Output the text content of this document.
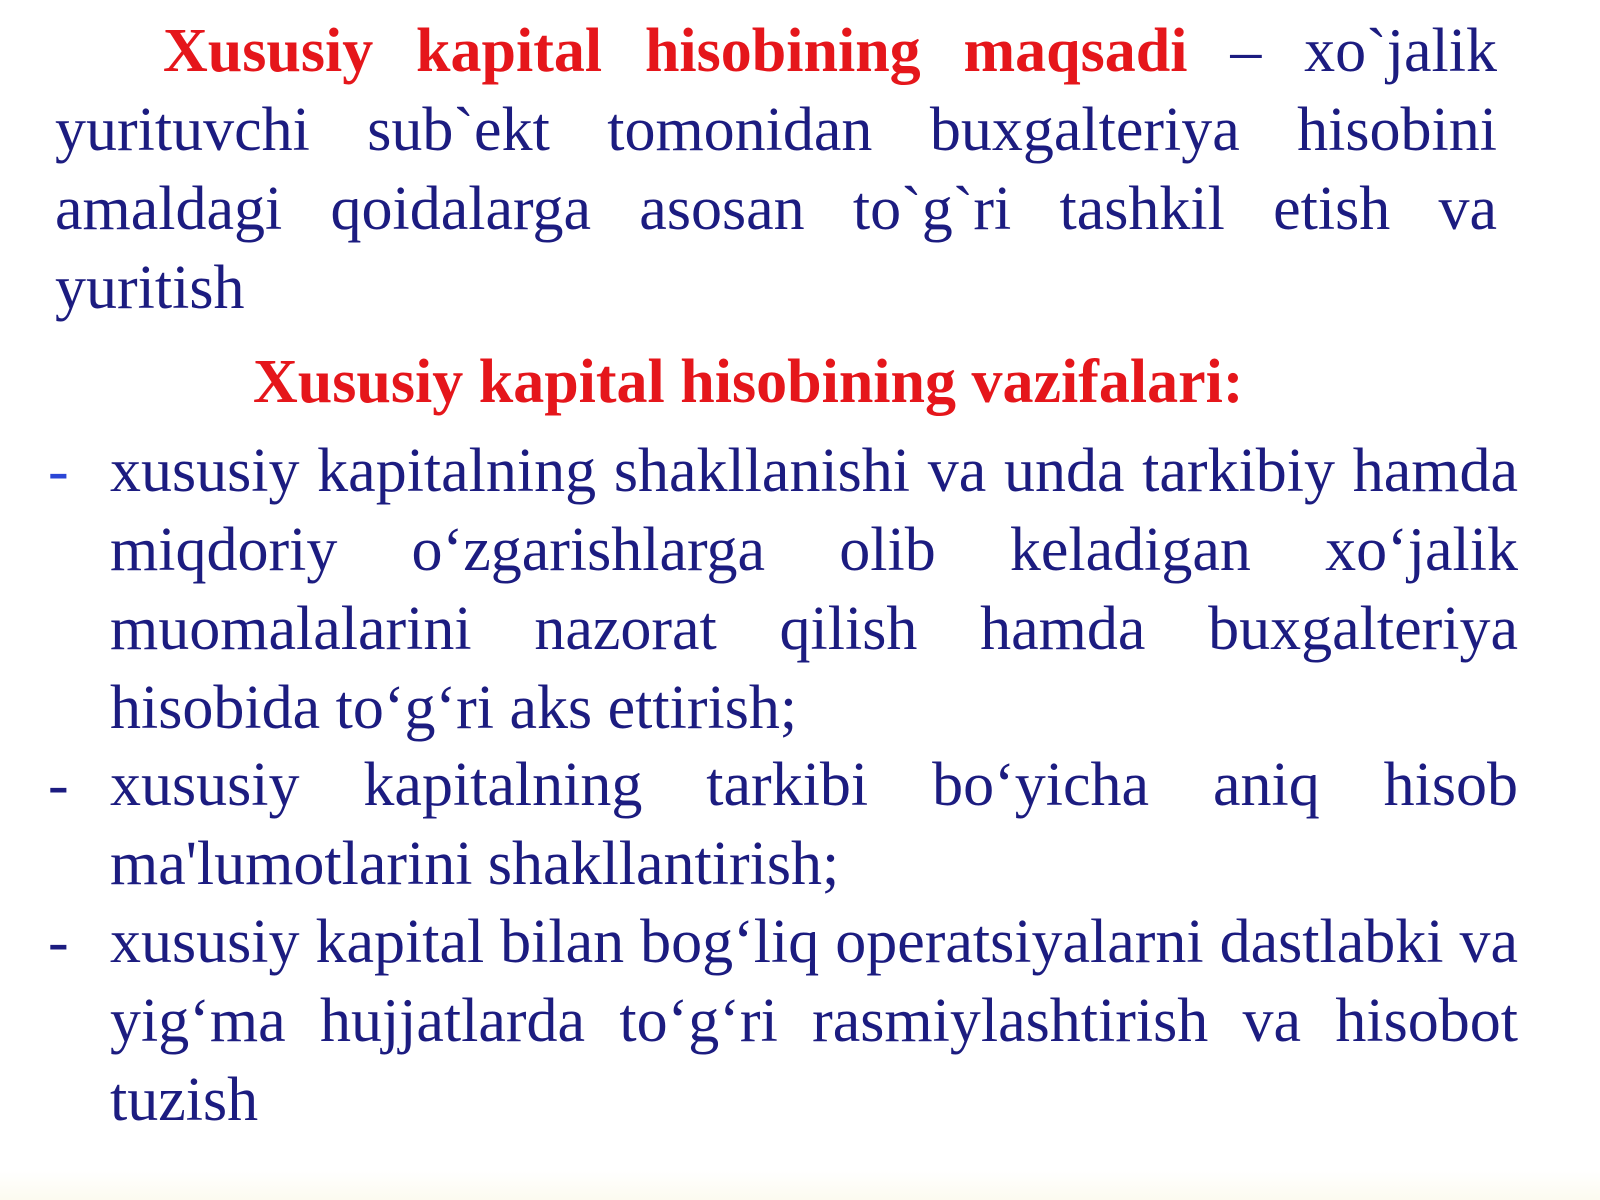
Xususiy kapital hisobining maqsadi – xo`jalik yurituvchi sub`ekt tomonidan buxgalteriya hisobini amaldagi qoidalarga asosan to`g`ri tashkil etish va yuritish

Xususiy kapital hisobining vazifalari:
- xususiy kapitalning shakllanishi va unda tarkibiy hamda miqdoriy o‘zgarishlarga olib keladigan xo‘jalik muomalalarini nazorat qilish hamda buxgalteriya hisobida to‘g‘ri aks ettirish;
- xususiy kapitalning tarkibi bo‘yicha aniq hisob ma'lumotlarini shakllantirish;
- xususiy kapital bilan bog‘liq operatsiyalarni dastlabki va yig‘ma hujjatlarda to‘g‘ri rasmiylashtirish va hisobot tuzish
